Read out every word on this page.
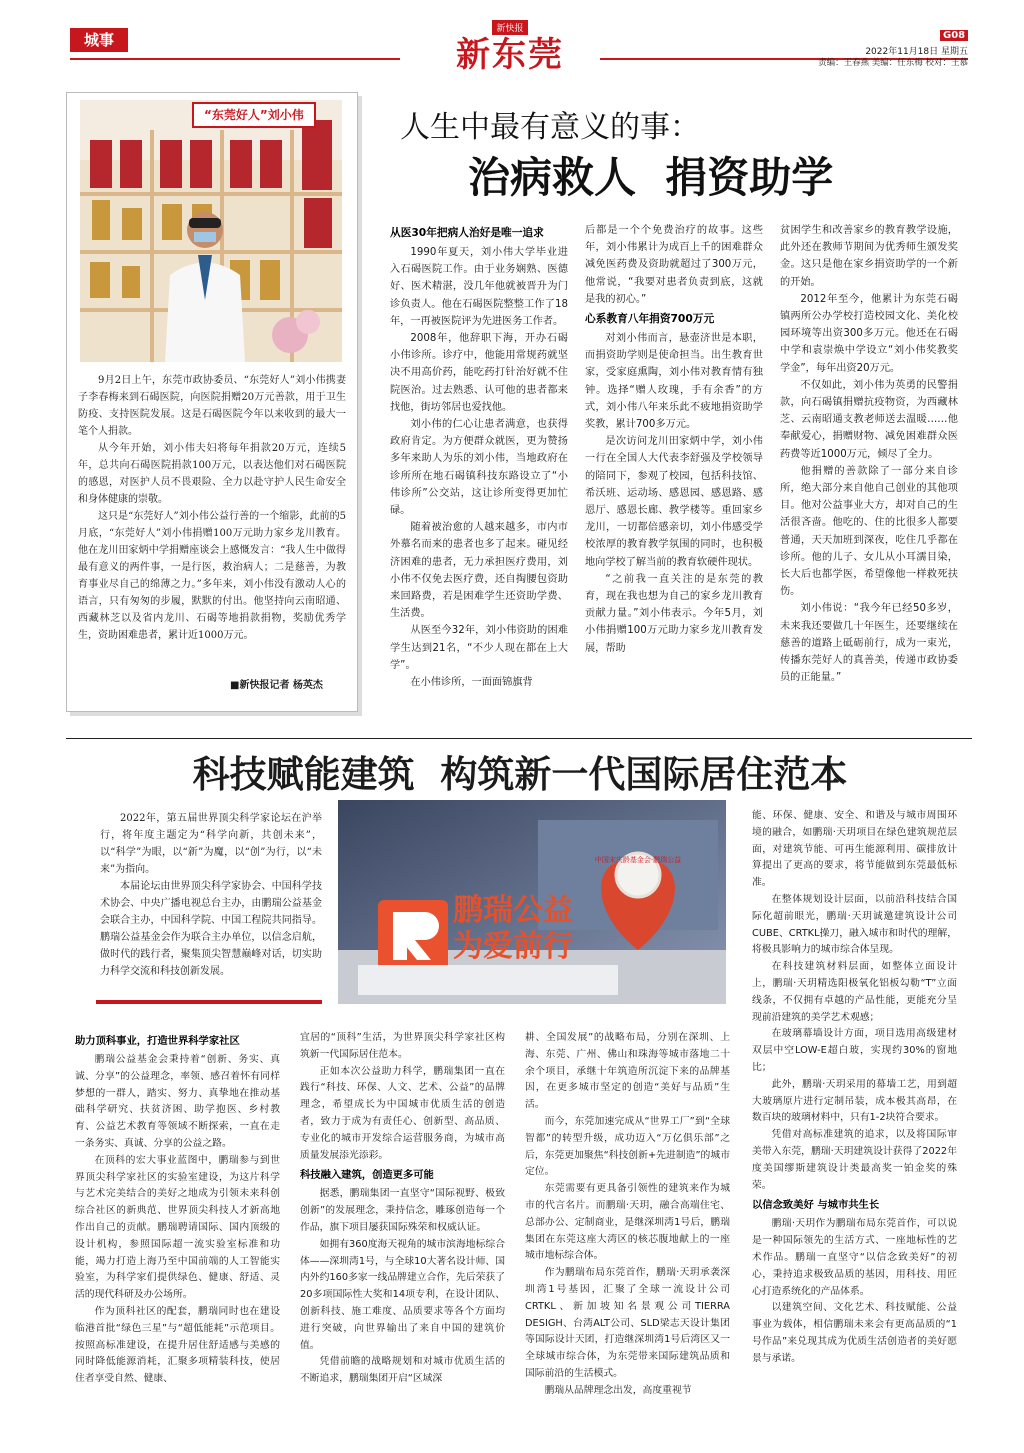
城事
新快报
新东莞	G08
2022年11月18日 星期五
责编：王春燕 美编：任东梅 校对：王慕
“东莞好人”刘小伟

9月2日上午，东莞市政协委员、“东莞好人”刘小伟携妻子李春梅来到石碣医院，向医院捐赠20万元善款，用于卫生防疫、支持医院发展。这是石碣医院今年以来收到的最大一笔个人捐款。

从今年开始，刘小伟夫妇将每年捐款20万元，连续5年，总共向石碣医院捐款100万元，以表达他们对石碣医院的感恩，对医护人员不畏艰险、全力以赴守护人民生命安全和身体健康的崇敬。

这只是“东莞好人”刘小伟公益行善的一个缩影，此前的5月底，“东莞好人”刘小伟捐赠100万元助力家乡龙川教育。他在龙川田家炳中学捐赠座谈会上感慨发言：“我人生中做得最有意义的两件事，一是行医，救治病人；二是慈善，为教育事业尽自己的绵薄之力。”多年来，刘小伟没有激动人心的语言，只有匆匆的步履，默默的付出。他坚持向云南昭通、西藏林芝以及省内龙川、石碣等地捐款捐物，奖励优秀学生，资助困难患者，累计近1000万元。

■新快报记者 杨英杰
人生中最有意义的事：
治病救人  捐资助学
从医30年把病人治好是唯一追求

1990年夏天，刘小伟大学毕业进入石碣医院工作。由于业务娴熟、医德好、医术精湛，没几年他就被晋升为门诊负责人。他在石碣医院整整工作了18年，一再被医院评为先进医务工作者。

2008年，他辞职下海，开办石碣小伟诊所。诊疗中，他能用常规药就坚决不用高价药，能吃药打针治好就不住院医治。过去熟悉、认可他的患者都来找他，街坊邻居也爱找他。

刘小伟的仁心让患者满意，也获得政府肯定。为方便群众就医，更为赞扬多年来助人为乐的刘小伟，当地政府在诊所所在地石碣镇科技东路设立了“小伟诊所”公交站，这让诊所变得更加忙碌。

随着被治愈的人越来越多，市内市外慕名而来的患者也多了起来。碰见经济困难的患者，无力承担医疗费用，刘小伟不仅免去医疗费，还自掏腰包资助来回路费，若是困难学生还资助学费、生活费。

从医至今32年，刘小伟资助的困难学生达到21名，“不少人现在都在上大学”。

在小伟诊所，一面面锦旗背

后都是一个个免费治疗的故事。这些年，刘小伟累计为成百上千的困难群众减免医药费及资助就超过了300万元，他常说，“我要对患者负责到底，这就是我的初心。”

心系教育八年捐资700万元

对刘小伟而言，悬壶济世是本职，而捐资助学则是使命担当。出生教育世家，受家庭熏陶，刘小伟对教育情有独钟。选择“赠人玫瑰，手有余香”的方式，刘小伟八年来乐此不疲地捐资助学奖教，累计700多万元。

是次访问龙川田家炳中学，刘小伟一行在全国人大代表李舒强及学校领导的陪同下，参观了校园，包括科技馆、希沃班、运动场、感恩园、感恩路、感恩厅、感恩长廊、教学楼等。重回家乡龙川，一切都倍感亲切，刘小伟感受学校浓厚的教育教学氛围的同时，也积极地向学校了解当前的教育软硬件现状。

“之前我一直关注的是东莞的教育，现在我也想为自己的家乡龙川教育贡献力量。”刘小伟表示。今年5月，刘小伟捐赠100万元助力家乡龙川教育发展，帮助

贫困学生和改善家乡的教育教学设施，此外还在教师节期间为优秀师生颁发奖金。这只是他在家乡捐资助学的一个新的开始。

2012年至今，他累计为东莞石碣镇两所公办学校打造校园文化、美化校园环境等出资300多万元。他还在石碣中学和袁崇焕中学设立“刘小伟奖教奖学金”，每年出资20万元。

不仅如此，刘小伟为英勇的民警捐款，向石碣镇捐赠抗疫物资，为西藏林芝、云南昭通支教老师送去温暖……他奉献爱心，捐赠财物、减免困难群众医药费等近1000万元，倾尽了全力。

他捐赠的善款除了一部分来自诊所，绝大部分来自他自己创业的其他项目。他对公益事业大方，却对自己的生活很吝啬。他吃的、住的比很多人都要普通，天天加班到深夜，吃住几乎都在诊所。他的儿子、女儿从小耳濡目染，长大后也都学医，希望像他一样救死扶伤。

刘小伟说：“我今年已经50多岁，未来我还要做几十年医生，还要继续在慈善的道路上砥砺前行，成为一束光，传播东莞好人的真善美，传递市政协委员的正能量。”

科技赋能建筑  构筑新一代国际居住范本

2022年，第五届世界顶尖科学家论坛在沪举行，将年度主题定为“科学向新，共创未来”，以“科学”为眼，以“新”为魔，以“创”为行，以“未来”为指向。

本届论坛由世界顶尖科学家协会、中国科学技术协会、中央广播电视总台主办，由鹏瑞公益基金会联合主办，中国科学院、中国工程院共同指导。鹏瑞公益基金会作为联合主办单位，以信念启航，做时代的践行者，聚集顶尖智慧巅峰对话，切实助力科学交流和科技创新发展。

中国宋庆龄基金会·鹏瑞公益
鹏瑞公益
为爱前行
助力顶科事业，打造世界科学家社区

鹏瑞公益基金会秉持着“创新、务实、真诚、分享”的公益理念，率领、感召着怀有同样梦想的一群人，踏实、努力、真挚地在推动基础科学研究、扶贫济困、助学抱医、乡村教育、公益艺术教育等领域不断探索，一直在走一条务实、真诚、分享的公益之路。

在顶科的宏大事业蓝图中，鹏瑞参与到世界顶尖科学家社区的实验室建设，为这片科学与艺术完美结合的美好之地成为引领未来科创综合社区的新典范、世界顶尖科技人才新高地作出自己的贡献。鹏瑞聘请国际、国内顶级的设计机构，参照国际超一流实验室标准和功能，竭力打造上海乃至中国前端的人工智能实验室，为科学家们提供绿色、健康、舒适、灵活的现代科研及办公场所。

作为顶科社区的配套，鹏瑞同时也在建设临港首批“绿色三星”与“超低能耗”示范项目。按照高标准建设，在提升居住舒适感与美感的同时降低能源消耗，汇聚多项精装科技，使居住者享受自然、健康、

宜居的“顶科”生活，为世界顶尖科学家社区构筑新一代国际居住范本。

正如本次公益助力科学，鹏瑞集团一直在践行“科技、环保、人文、艺术、公益”的品牌理念，希望成长为中国城市优质生活的创造者，致力于成为有责任心、创新型、高品质、专业化的城市开发综合运营服务商，为城市高质量发展添光添彩。

科技融入建筑，创造更多可能

据悉，鹏瑞集团一直坚守“国际视野、极致创新”的发展理念，秉持信念，雕琢创造每一个作品，旗下项目屡获国际殊荣和权威认证。

如拥有360度海天视角的城市滨海地标综合体——深圳湾1号，与全球10大著名设计师、国内外约160多家一线品牌建立合作，先后荣获了20多项国际性大奖和14项专利，在设计团队、创新科技、施工难度、品质要求等各个方面均进行突破，向世界输出了来自中国的建筑价值。

凭借前瞻的战略规划和对城市优质生活的不断追求，鹏瑞集团开启“区域深

耕、全国发展”的战略布局，分别在深圳、上海、东莞、广州、佛山和珠海等城市落地二十余个项目，承继十年筑造所沉淀下来的品牌基因，在更多城市坚定的创造“美好与品质”生活。

而今，东莞加速完成从“世界工厂”到“全球智都”的转型升级，成功迈入“万亿俱乐部”之后，东莞更加聚焦“科技创新+先进制造”的城市定位。

东莞需要有更具备引领性的建筑来作为城市的代言名片。而鹏瑞·天玥，融合高端住宅、总部办公、定制商业，是继深圳湾1号后，鹏瑞集团在东莞这座大湾区的核芯腹地献上的一座城市地标综合体。

作为鹏瑞布局东莞首作，鹏瑞·天玥承袭深圳湾1号基因，汇聚了全球一流设计公司CRTKL、新加坡知名景观公司TIERRA DESIGH、台湾ALT公司、SLD梁志天设计集团等国际设计天团，打造继深圳湾1号后湾区又一全球城市综合体，为东莞带来国际建筑品质和国际前沿的生活模式。

鹏瑞从品牌理念出发，高度重视节

能、环保、健康、安全、和谐及与城市周围环境的融合，如鹏瑞·天玥项目在绿色建筑规范层面，对建筑节能、可再生能源利用、碳排放计算提出了更高的要求，将节能做到东莞最低标准。

在整体规划设计层面，以前沿科技结合国际化超前眼光，鹏瑞·天玥诚邀建筑设计公司CUBE、CRTKL操刀，融入城市和时代的理解，将极具影响力的城市综合体呈现。

在科技建筑材料层面，如整体立面设计上，鹏瑞·天玥精选阳极氧化铝板勾勒“T”立面线条，不仅拥有卓越的产品性能，更能充分呈现前沿建筑的美学艺术观感；

在玻璃幕墙设计方面，项目选用高级建材双层中空LOW-E超白玻，实现约30%的窗地比；

此外，鹏瑞·天玥采用的幕墙工艺，用到超大玻璃原片进行定制吊装，成本极其高昂，在数百块的玻璃材料中，只有1-2块符合要求。

凭借对高标准建筑的追求，以及将国际审美带入东莞，鹏瑞·天玥建筑设计获得了2022年度美国缪斯建筑设计类最高奖一铂金奖的殊荣。

以信念致美好 与城市共生长

鹏瑞·天玥作为鹏瑞布局东莞首作，可以说是一种国际领先的生活方式、一座地标性的艺术作品。鹏瑞一直坚守“以信念致美好”的初心，秉持追求极致品质的基因，用科技、用匠心打造系统化的产品体系。

以建筑空间、文化艺术、科技赋能、公益事业为载体，相信鹏瑞未来会有更高品质的“1号作品”来兑现其成为优质生活创造者的美好愿景与承诺。
